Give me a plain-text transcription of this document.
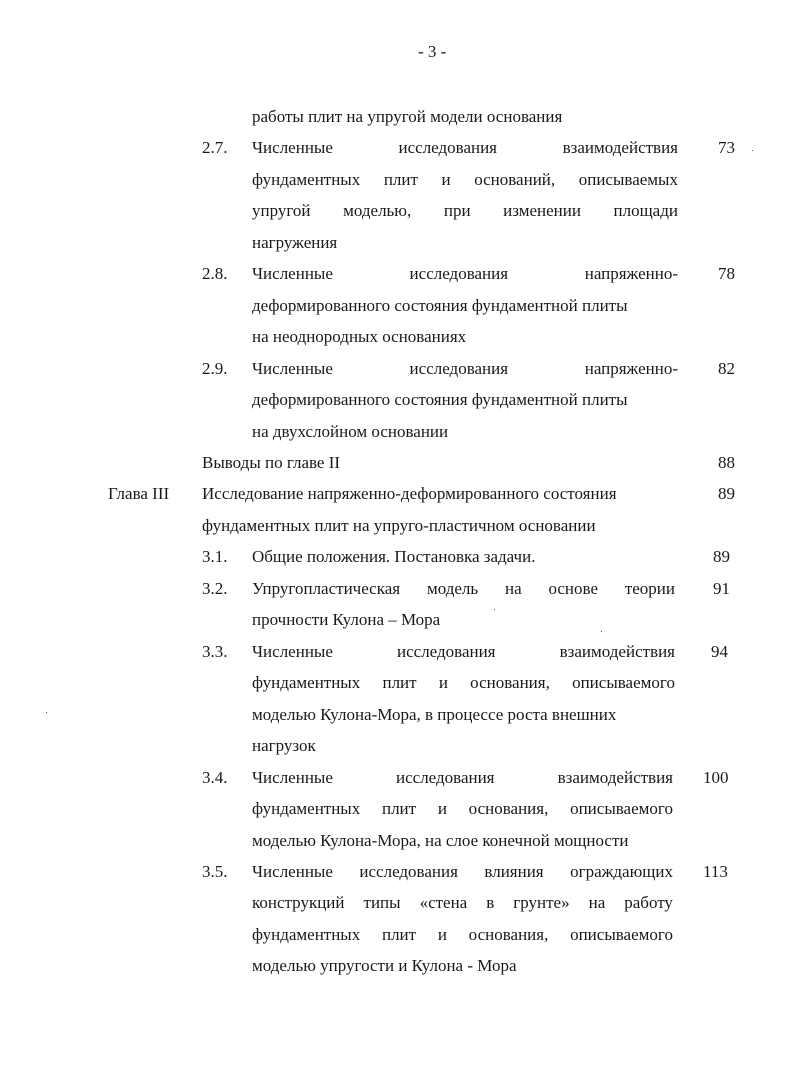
- 3 -
работы плит на упругой модели основания
2.7. Численные	исследования	взаимодействия
фундаментных плит и оснований, описываемых
упругой моделью, при изменении площади
нагружения
73
2.8. Численные	исследования	напряженно-
деформированного состояния фундаментной плиты
на неоднородных основаниях
78
2.9. Численные	исследования	напряженно-
деформированного состояния фундаментной плиты
на двухслойном основании
82
Выводы по главе II	88
Глава III Исследование напряженно-деформированного состояния
фундаментных плит на упруго-пластичном основании
89
3.1. Общие положения. Постановка задачи.	89
3.2. Упругопластическая модель на основе теории
прочности Кулона – Мора
91
3.3. Численные	исследования	взаимодействия
фундаментных плит и основания, описываемого
моделью Кулона-Мора, в процессе роста внешних
нагрузок
94
3.4. Численные	исследования	взаимодействия
фундаментных плит и основания, описываемого
моделью Кулона-Мора, на слое конечной мощности
100
3.5. Численные исследования влияния ограждающих
конструкций типы «стена в грунте» на работу
фундаментных плит и основания, описываемого
моделью упругости и Кулона - Мора
113
